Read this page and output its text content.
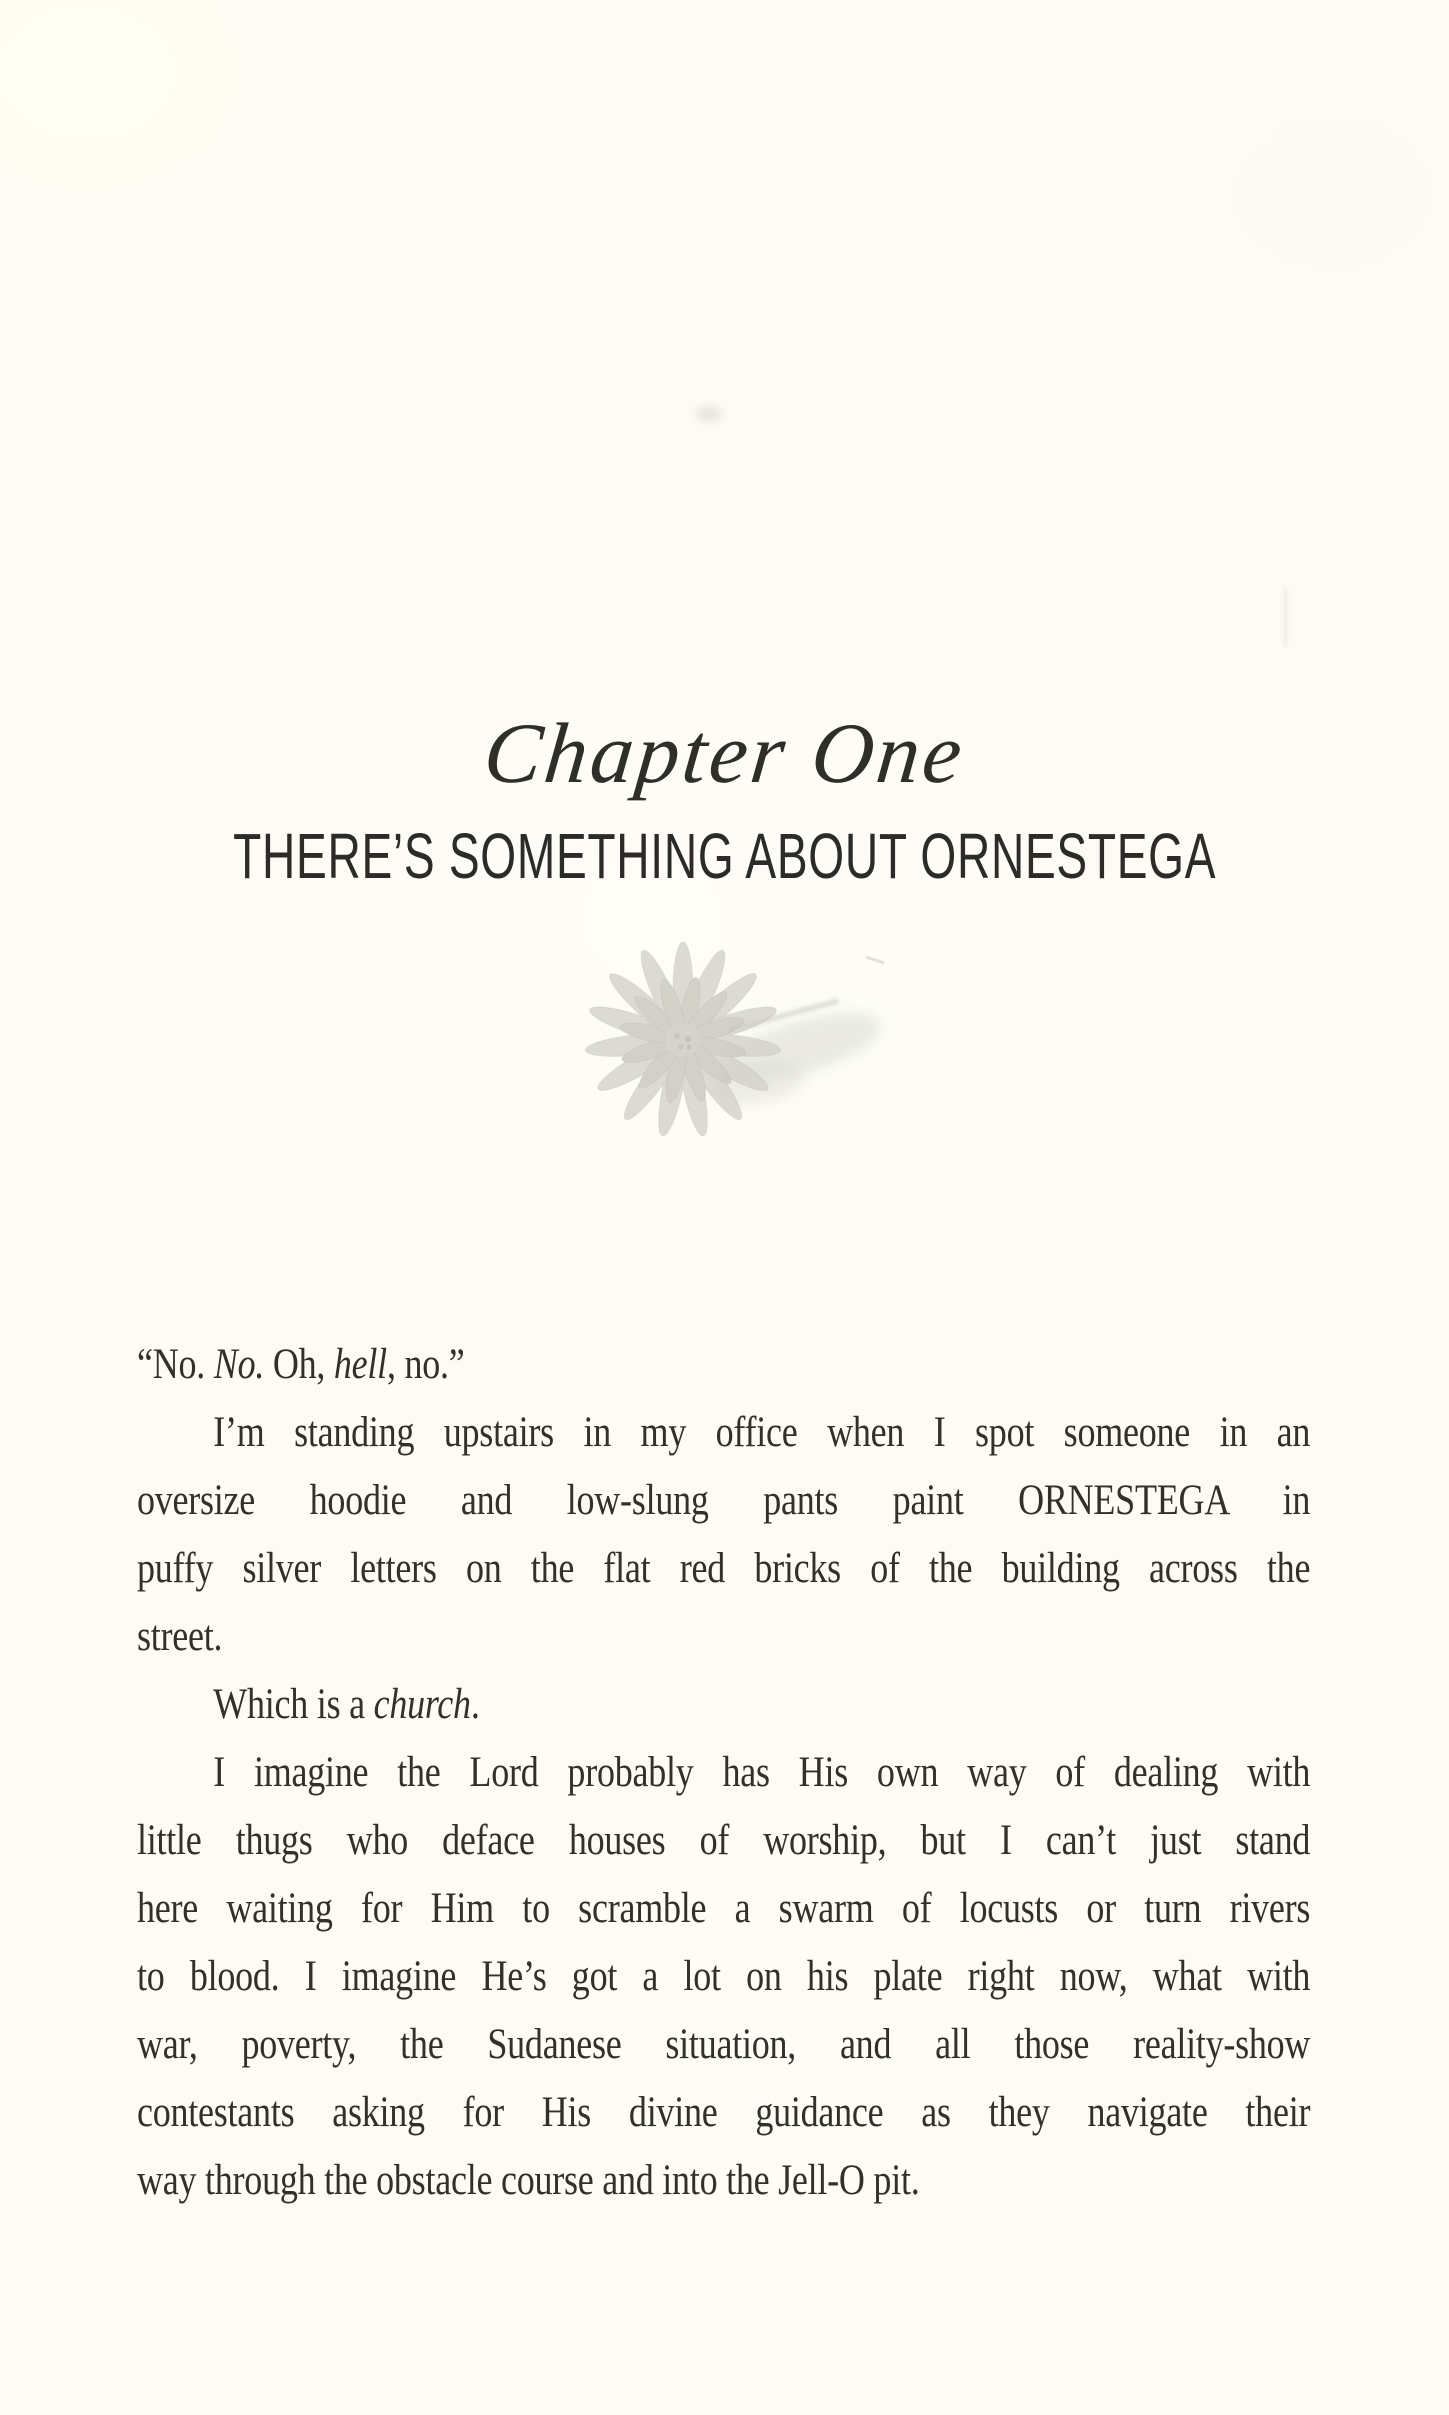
Chapter One
THERE’S SOMETHING ABOUT ORNESTEGA
“No. No. Oh, hell, no.”
I’m standing upstairs in my office when I spot someone in an
oversize hoodie and low-slung pants paint ORNESTEGA in
puffy silver letters on the flat red bricks of the building across the
street.
Which is a church.
I imagine the Lord probably has His own way of dealing with
little thugs who deface houses of worship, but I can’t just stand
here waiting for Him to scramble a swarm of locusts or turn rivers
to blood. I imagine He’s got a lot on his plate right now, what with
war, poverty, the Sudanese situation, and all those reality-show
contestants asking for His divine guidance as they navigate their
way through the obstacle course and into the Jell-O pit.
